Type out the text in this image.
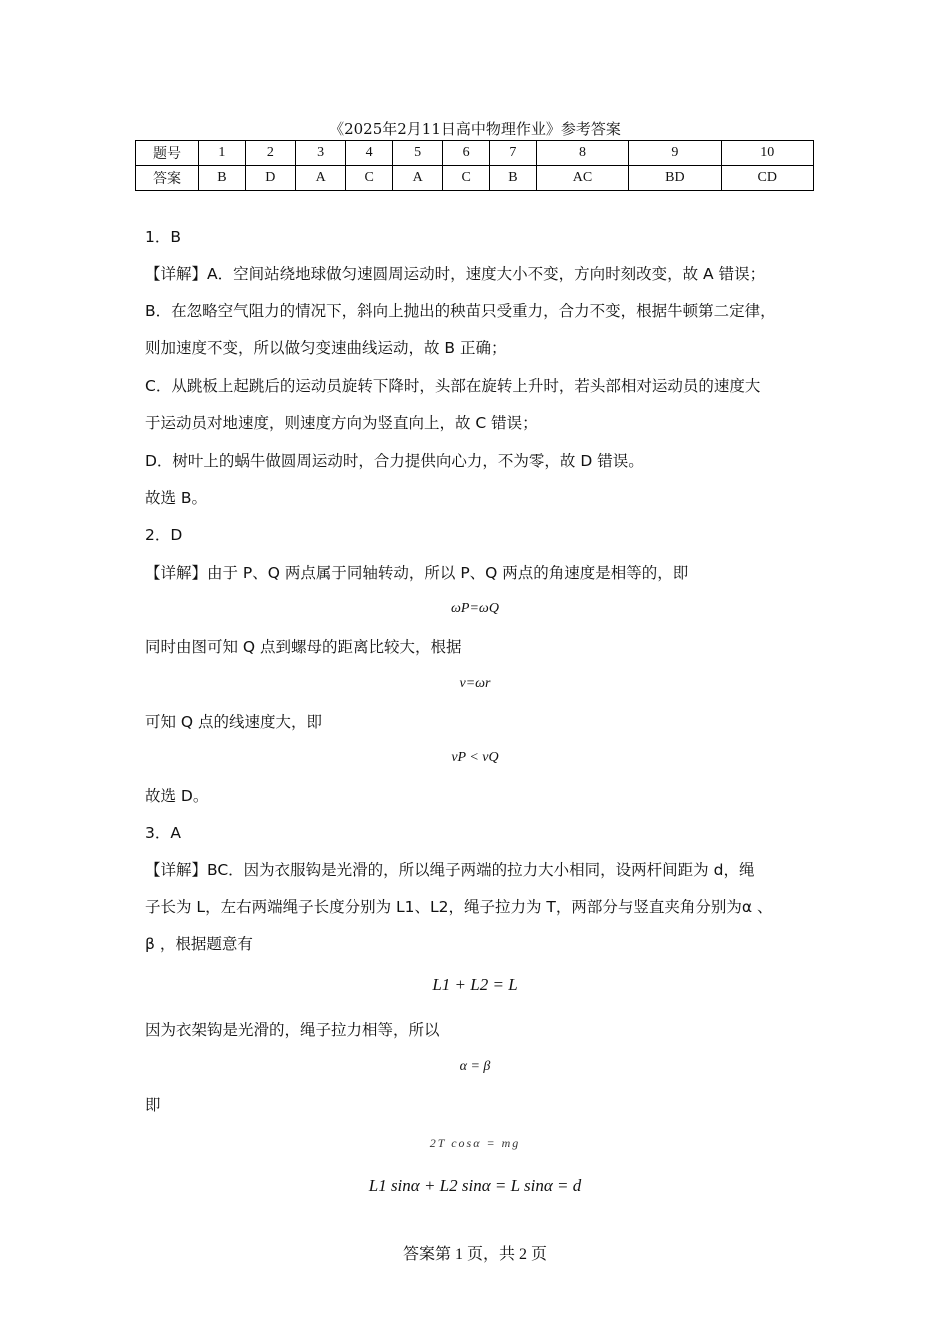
《2025年2月11日高中物理作业》参考答案
题号	1	2	3	4	5	6	7	8	9	10
答案	B	D	A	C	A	C	B	AC	BD	CD
1．B
【详解】A．空间站绕地球做匀速圆周运动时，速度大小不变，方向时刻改变，故 A 错误；
B．在忽略空气阻力的情况下，斜向上抛出的秧苗只受重力，合力不变，根据牛顿第二定律，
则加速度不变，所以做匀变速曲线运动，故 B 正确；
C．从跳板上起跳后的运动员旋转下降时，头部在旋转上升时，若头部相对运动员的速度大
于运动员对地速度，则速度方向为竖直向上，故 C 错误；
D．树叶上的蜗牛做圆周运动时，合力提供向心力，不为零，故 D 错误。
故选 B。
2．D
【详解】由于 P、Q 两点属于同轴转动，所以 P、Q 两点的角速度是相等的，即
ωP=ωQ
同时由图可知 Q 点到螺母的距离比较大，根据
v=ωr
可知 Q 点的线速度大，即
vP < vQ
故选 D。
3．A
【详解】BC．因为衣服钩是光滑的，所以绳子两端的拉力大小相同，设两杆间距为 d，绳
子长为 L，左右两端绳子长度分别为 L1、L2，绳子拉力为 T，两部分与竖直夹角分别为α 、
β ，根据题意有
L1 + L2 = L
因为衣架钩是光滑的，绳子拉力相等，所以
α = β
即
2T cosα = mg
L1 sinα + L2 sinα = L sinα = d
答案第 1 页，共 2 页
